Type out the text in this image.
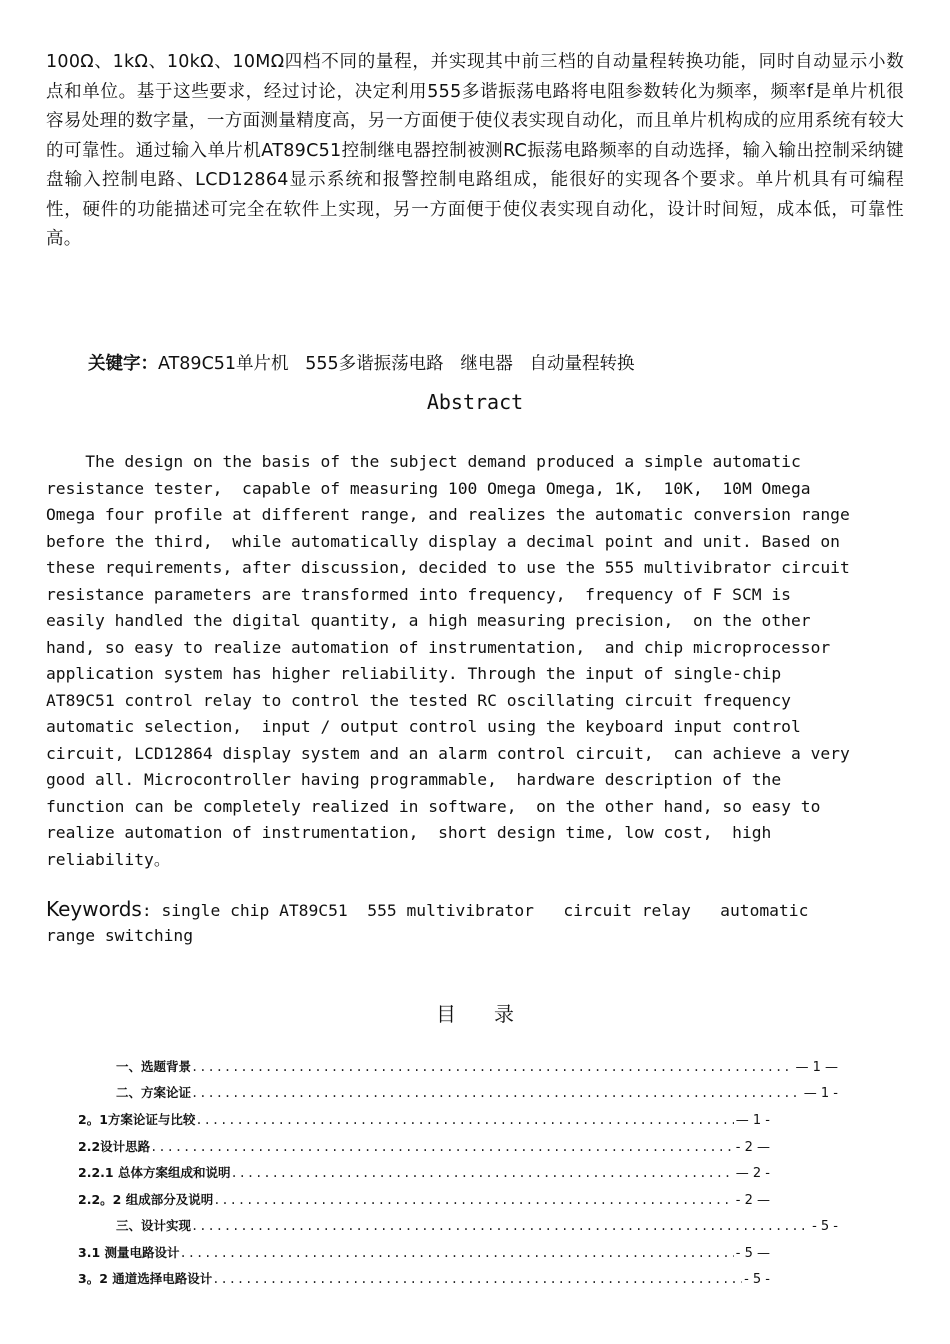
100Ω、1kΩ、10kΩ、10MΩ四档不同的量程，并实现其中前三档的自动量程转换功能，同时自动显示小数点和单位。基于这些要求，经过讨论，决定利用555多谐振荡电路将电阻参数转化为频率，频率f是单片机很容易处理的数字量，一方面测量精度高，另一方面便于使仪表实现自动化，而且单片机构成的应用系统有较大的可靠性。通过输入单片机AT89C51控制继电器控制被测RC振荡电路频率的自动选择，输入输出控制采纳键盘输入控制电路、LCD12864显示系统和报警控制电路组成，能很好的实现各个要求。单片机具有可编程性，硬件的功能描述可完全在软件上实现，另一方面便于使仪表实现自动化，设计时间短，成本低，可靠性高。
关键字：AT89C51单片机   555多谐振荡电路   继电器   自动量程转换
Abstract
The design on the basis of the subject demand produced a simple automatic
resistance tester,  capable of measuring 100 Omega Omega, 1K,  10K,  10M Omega
Omega four profile at different range, and realizes the automatic conversion range
before the third,  while automatically display a decimal point and unit. Based on
these requirements, after discussion, decided to use the 555 multivibrator circuit
resistance parameters are transformed into frequency,  frequency of F SCM is
easily handled the digital quantity, a high measuring precision,  on the other
hand, so easy to realize automation of instrumentation,  and chip microprocessor
application system has higher reliability. Through the input of single-chip
AT89C51 control relay to control the tested RC oscillating circuit frequency
automatic selection,  input / output control using the keyboard input control
circuit, LCD12864 display system and an alarm control circuit,  can achieve a very
good all. Microcontroller having programmable,  hardware description of the
function can be completely realized in software,  on the other hand, so easy to
realize automation of instrumentation,  short design time, low cost,  high
reliability。
Keywords: single chip AT89C51  555 multivibrator   circuit relay   automatic
range switching
目录
一、选题背景 .....	— 1 —
二、方案论证 .....	— 1 -
2。1方案论证与比较 .....	— 1 -
2.2设计思路 .....	- 2 —
2.2.1 总体方案组成和说明 .....	— 2 -
2.2。2 组成部分及说明 .....	- 2 —
三、设计实现 .....	- 5 -
3.1 测量电路设计 .....	- 5 —
3。2 通道选择电路设计 .....	- 5 -
